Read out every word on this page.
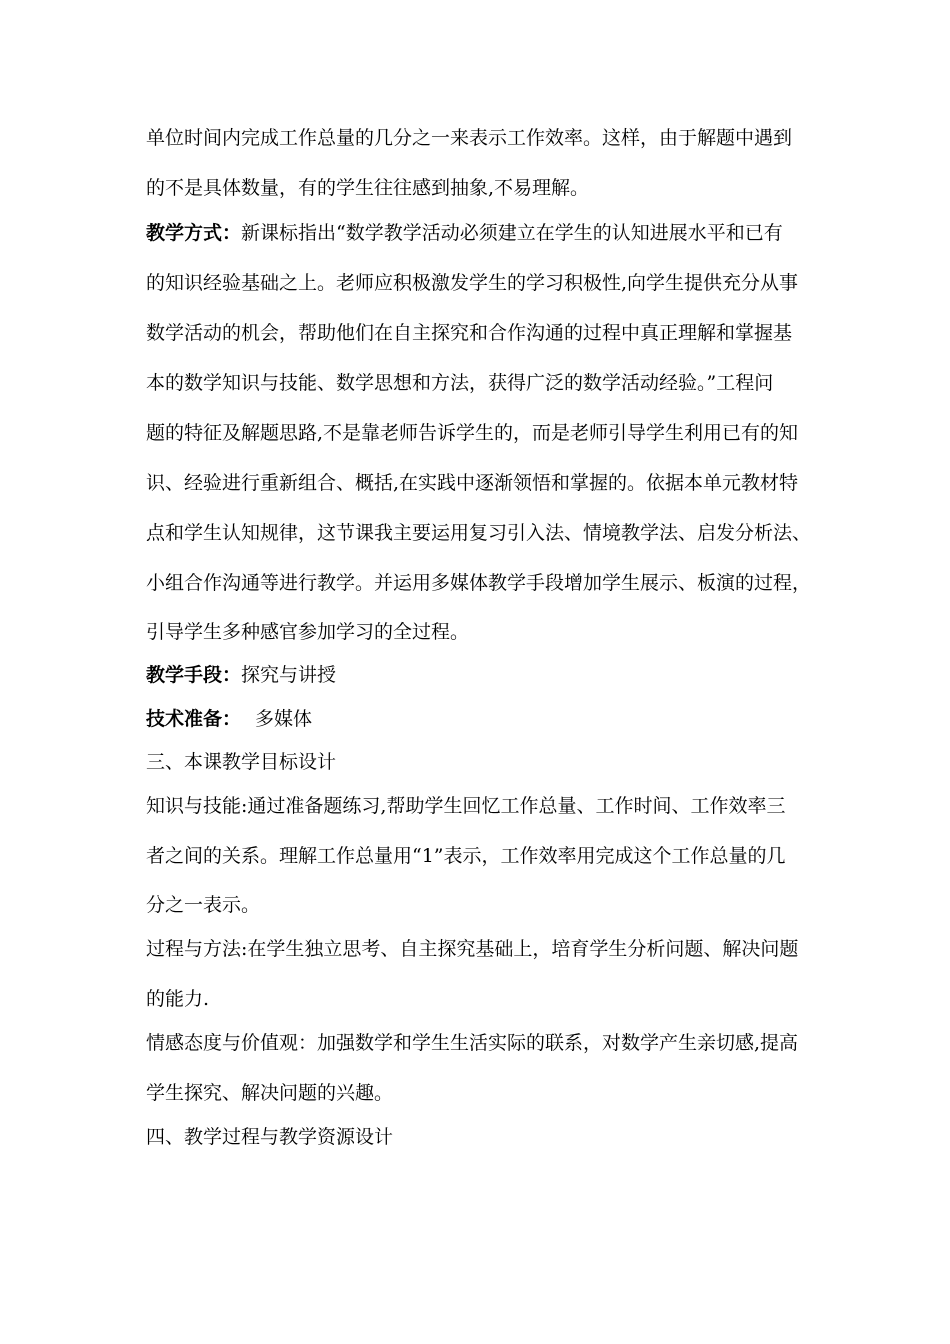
单位时间内完成工作总量的几分之一来表示工作效率。这样，由于解题中遇到
的不是具体数量，有的学生往往感到抽象,不易理解。
教学方式：新课标指出“数学教学活动必须建立在学生的认知进展水平和已有
的知识经验基础之上。老师应积极激发学生的学习积极性,向学生提供充分从事
数学活动的机会，帮助他们在自主探究和合作沟通的过程中真正理解和掌握基
本的数学知识与技能、数学思想和方法，获得广泛的数学活动经验。”工程问
题的特征及解题思路,不是靠老师告诉学生的，而是老师引导学生利用已有的知
识、经验进行重新组合、概括,在实践中逐渐领悟和掌握的。依据本单元教材特
点和学生认知规律，这节课我主要运用复习引入法、情境教学法、启发分析法、
小组合作沟通等进行教学。并运用多媒体教学手段增加学生展示、板演的过程，
引导学生多种感官参加学习的全过程。
教学手段：探究与讲授
技术准备： 多媒体
三、本课教学目标设计
知识与技能:通过准备题练习,帮助学生回忆工作总量、工作时间、工作效率三
者之间的关系。理解工作总量用“1”表示，工作效率用完成这个工作总量的几
分之一表示。
过程与方法:在学生独立思考、自主探究基础上，培育学生分析问题、解决问题
的能力.
情感态度与价值观：加强数学和学生生活实际的联系，对数学产生亲切感,提高
学生探究、解决问题的兴趣。
四、教学过程与教学资源设计
